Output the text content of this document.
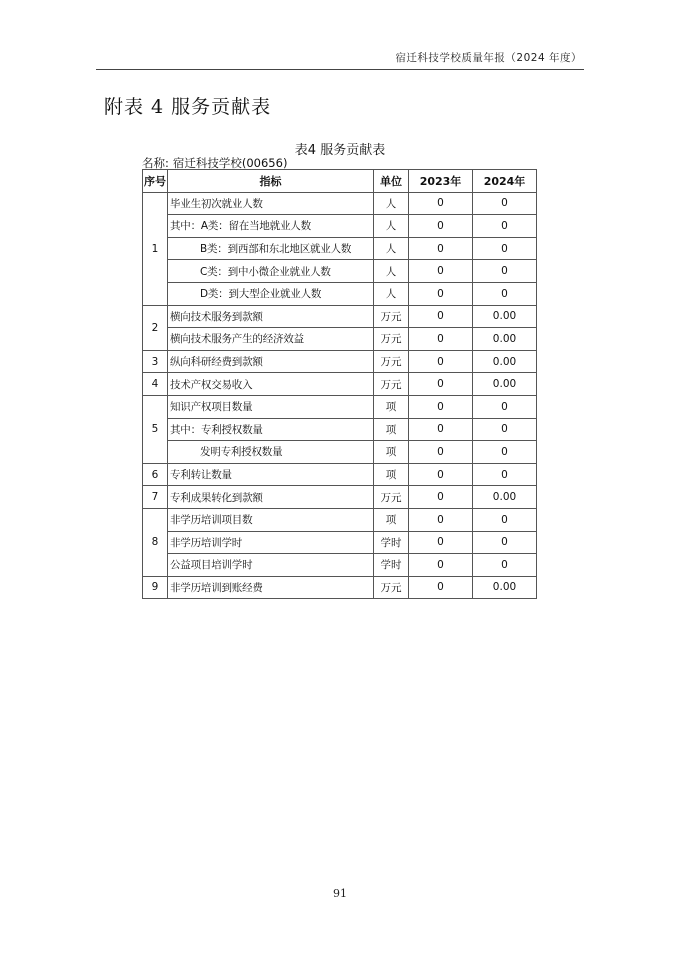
宿迁科技学校质量年报（2024 年度）
附表 4 服务贡献表
表4 服务贡献表
名称: 宿迁科技学校(00656)
序号	指标	单位	2023年	2024年
1	毕业生初次就业人数	人	0	0
	其中：A类：留在当地就业人数	人	0	0
	B类：到西部和东北地区就业人数	人	0	0
	C类：到中小微企业就业人数	人	0	0
	D类：到大型企业就业人数	人	0	0
2	横向技术服务到款额	万元	0	0.00
	横向技术服务产生的经济效益	万元	0	0.00
3	纵向科研经费到款额	万元	0	0.00
4	技术产权交易收入	万元	0	0.00
5	知识产权项目数量	项	0	0
	其中：专利授权数量	项	0	0
	发明专利授权数量	项	0	0
6	专利转让数量	项	0	0
7	专利成果转化到款额	万元	0	0.00
8	非学历培训项目数	项	0	0
	非学历培训学时	学时	0	0
	公益项目培训学时	学时	0	0
9	非学历培训到账经费	万元	0	0.00
91
